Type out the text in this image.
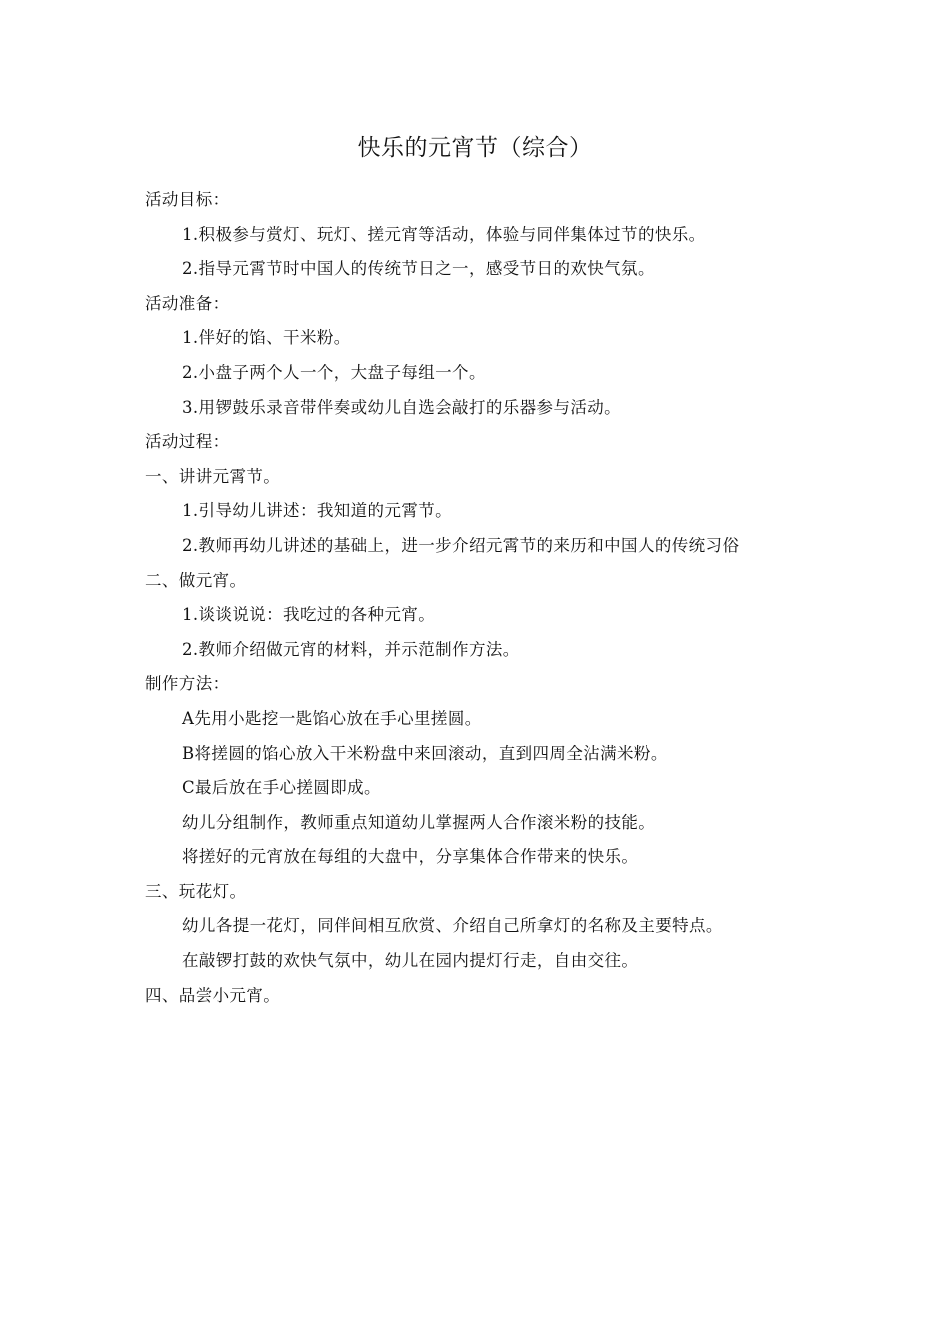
快乐的元宵节（综合）
活动目标：
1.积极参与赏灯、玩灯、搓元宵等活动，体验与同伴集体过节的快乐。
2.指导元霄节时中国人的传统节日之一，感受节日的欢快气氛。
活动准备：
1.伴好的馅、干米粉。
2.小盘子两个人一个，大盘子每组一个。
3.用锣鼓乐录音带伴奏或幼儿自选会敲打的乐器参与活动。
活动过程：
一、讲讲元霄节。
1.引导幼儿讲述：我知道的元霄节。
2.教师再幼儿讲述的基础上，进一步介绍元霄节的来历和中国人的传统习俗
二、做元宵。
1.谈谈说说：我吃过的各种元宵。
2.教师介绍做元宵的材料，并示范制作方法。
制作方法：
A先用小匙挖一匙馅心放在手心里搓圆。
B将搓圆的馅心放入干米粉盘中来回滚动，直到四周全沾满米粉。
C最后放在手心搓圆即成。
幼儿分组制作，教师重点知道幼儿掌握两人合作滚米粉的技能。
将搓好的元宵放在每组的大盘中，分享集体合作带来的快乐。
三、玩花灯。
幼儿各提一花灯，同伴间相互欣赏、介绍自己所拿灯的名称及主要特点。
在敲锣打鼓的欢快气氛中，幼儿在园内提灯行走，自由交往。
四、品尝小元宵。
